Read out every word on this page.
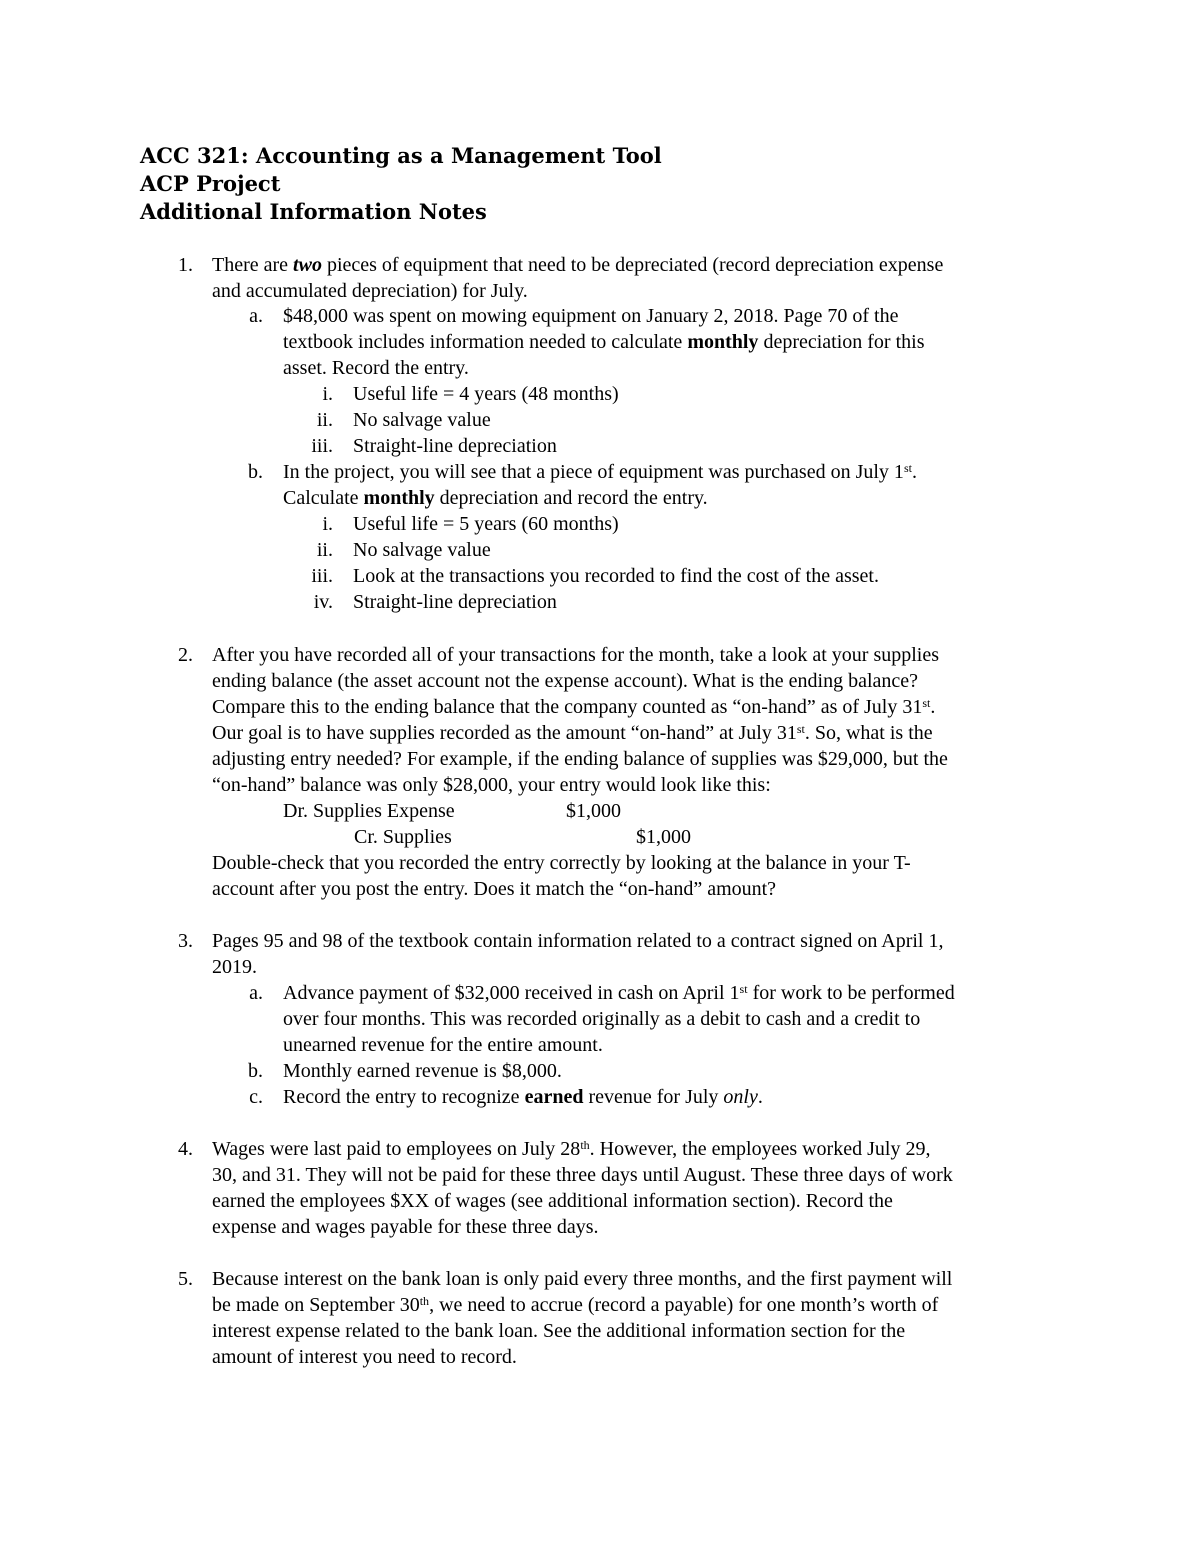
ACC 321: Accounting as a Management Tool
ACP Project
Additional Information Notes
1. There are two pieces of equipment that need to be depreciated (record depreciation expense
and accumulated depreciation) for July.
a. $48,000 was spent on mowing equipment on January 2, 2018. Page 70 of the
textbook includes information needed to calculate monthly depreciation for this
asset. Record the entry.
i. Useful life = 4 years (48 months)
ii. No salvage value
iii. Straight-line depreciation
b. In the project, you will see that a piece of equipment was purchased on July 1st.
Calculate monthly depreciation and record the entry.
i. Useful life = 5 years (60 months)
ii. No salvage value
iii. Look at the transactions you recorded to find the cost of the asset.
iv. Straight-line depreciation
2. After you have recorded all of your transactions for the month, take a look at your supplies
ending balance (the asset account not the expense account). What is the ending balance?
Compare this to the ending balance that the company counted as “on-hand” as of July 31st.
Our goal is to have supplies recorded as the amount “on-hand” at July 31st. So, what is the
adjusting entry needed? For example, if the ending balance of supplies was $29,000, but the
“on-hand” balance was only $28,000, your entry would look like this:
Dr. Supplies Expense	$1,000
Cr. Supplies	$1,000
Double-check that you recorded the entry correctly by looking at the balance in your T-
account after you post the entry. Does it match the “on-hand” amount?
3. Pages 95 and 98 of the textbook contain information related to a contract signed on April 1,
2019.
a. Advance payment of $32,000 received in cash on April 1st for work to be performed
over four months. This was recorded originally as a debit to cash and a credit to
unearned revenue for the entire amount.
b. Monthly earned revenue is $8,000.
c. Record the entry to recognize earned revenue for July only.
4. Wages were last paid to employees on July 28th. However, the employees worked July 29,
30, and 31. They will not be paid for these three days until August. These three days of work
earned the employees $XX of wages (see additional information section). Record the
expense and wages payable for these three days.
5. Because interest on the bank loan is only paid every three months, and the first payment will
be made on September 30th, we need to accrue (record a payable) for one month’s worth of
interest expense related to the bank loan. See the additional information section for the
amount of interest you need to record.
